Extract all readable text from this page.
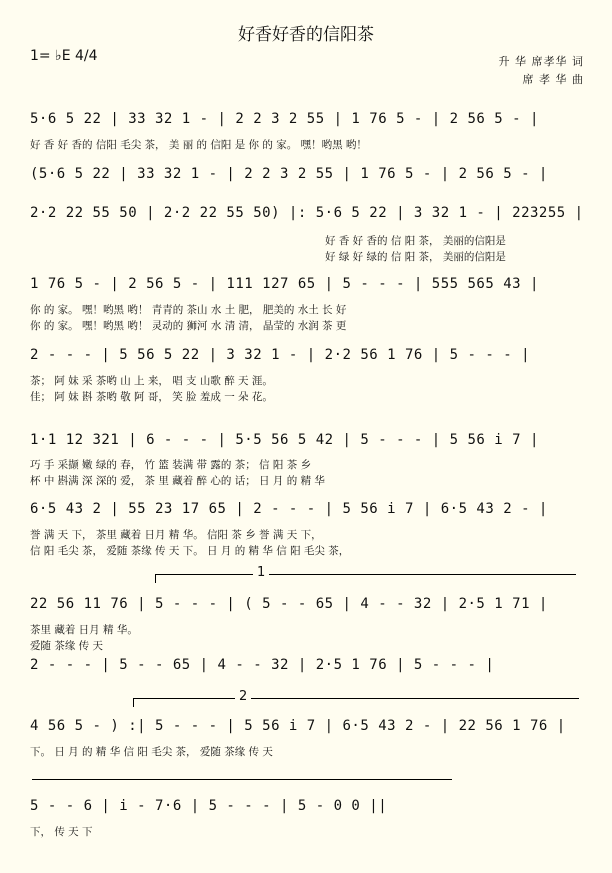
好香好香的信阳茶
1= ♭E 4/4	升 华 席孝华 词
席 孝 华 曲
5·6 5 22 | 33 32 1 - | 2 2 3 2 55 | 1 76 5 - | 2 56 5 - |
好 香 好 香的 信阳 毛尖 茶， 美 丽 的 信阳 是 你 的 家。 嘿！哟黑 哟！
(5·6 5 22 | 33 32 1 - | 2 2 3 2 55 | 1 76 5 - | 2 56 5 - |
2·2 22 55 50 | 2·2 22 55 50) |: 5·6 5 22 | 3 32 1 - | 223255 |
好 香 好 香的 信 阳 茶， 美丽的信阳是
好 绿 好 绿的 信 阳 茶， 美丽的信阳是
1 76 5 - | 2 56 5 - | 111 127 65 | 5 - - - | 555 565 43 |
你 的 家。 嘿！哟黑 哟！ 青青的 茶山 水 土 肥， 肥美的 水土 长 好
你 的 家。 嘿！哟黑 哟！ 灵动的 狮河 水 清 清， 晶莹的 水润 茶 更
2 - - - | 5 56 5 22 | 3 32 1 - | 2·2 56 1 76 | 5 - - - |
茶； 阿 妹 采 茶哟 山 上 来， 唱 支 山歌 醉 天 涯。
佳； 阿 妹 斟 茶哟 敬 阿 哥， 笑 脸 羞成 一 朵 花。
1·1 12 321 | 6 - - - | 5·5 56 5 42 | 5 - - - | 5 56 i 7 |
巧 手 采撷 嫩 绿的 春， 竹 篮 装满 带 露的 茶； 信 阳 茶 乡
杯 中 斟满 深 深的 爱， 茶 里 藏着 醉 心的 话； 日 月 的 精 华
6·5 43 2 | 55 23 17 65 | 2 - - - | 5 56 i 7 | 6·5 43 2 - |
誉 满 天 下， 茶里 藏着 日月 精 华。 信阳 茶 乡 誉 满 天 下，
信 阳 毛尖 茶， 爱随 茶缘 传 天 下。 日 月 的 精 华 信 阳 毛尖 茶，
1
22 56 11 76 | 5 - - - | ( 5 - - 65 | 4 - - 32 | 2·5 1 71 |
茶里 藏着 日月 精 华。
爱随 茶缘 传 天
2 - - - | 5 - - 65 | 4 - - 32 | 2·5 1 76 | 5 - - - |
2
4 56 5 - ) :| 5 - - - | 5 56 i 7 | 6·5 43 2 - | 22 56 1 76 |
下。 日 月 的 精 华 信 阳 毛尖 茶， 爱随 茶缘 传 天
5 - - 6 | i - 7·6 | 5 - - - | 5 - 0 0 ||
下， 传 天 下
